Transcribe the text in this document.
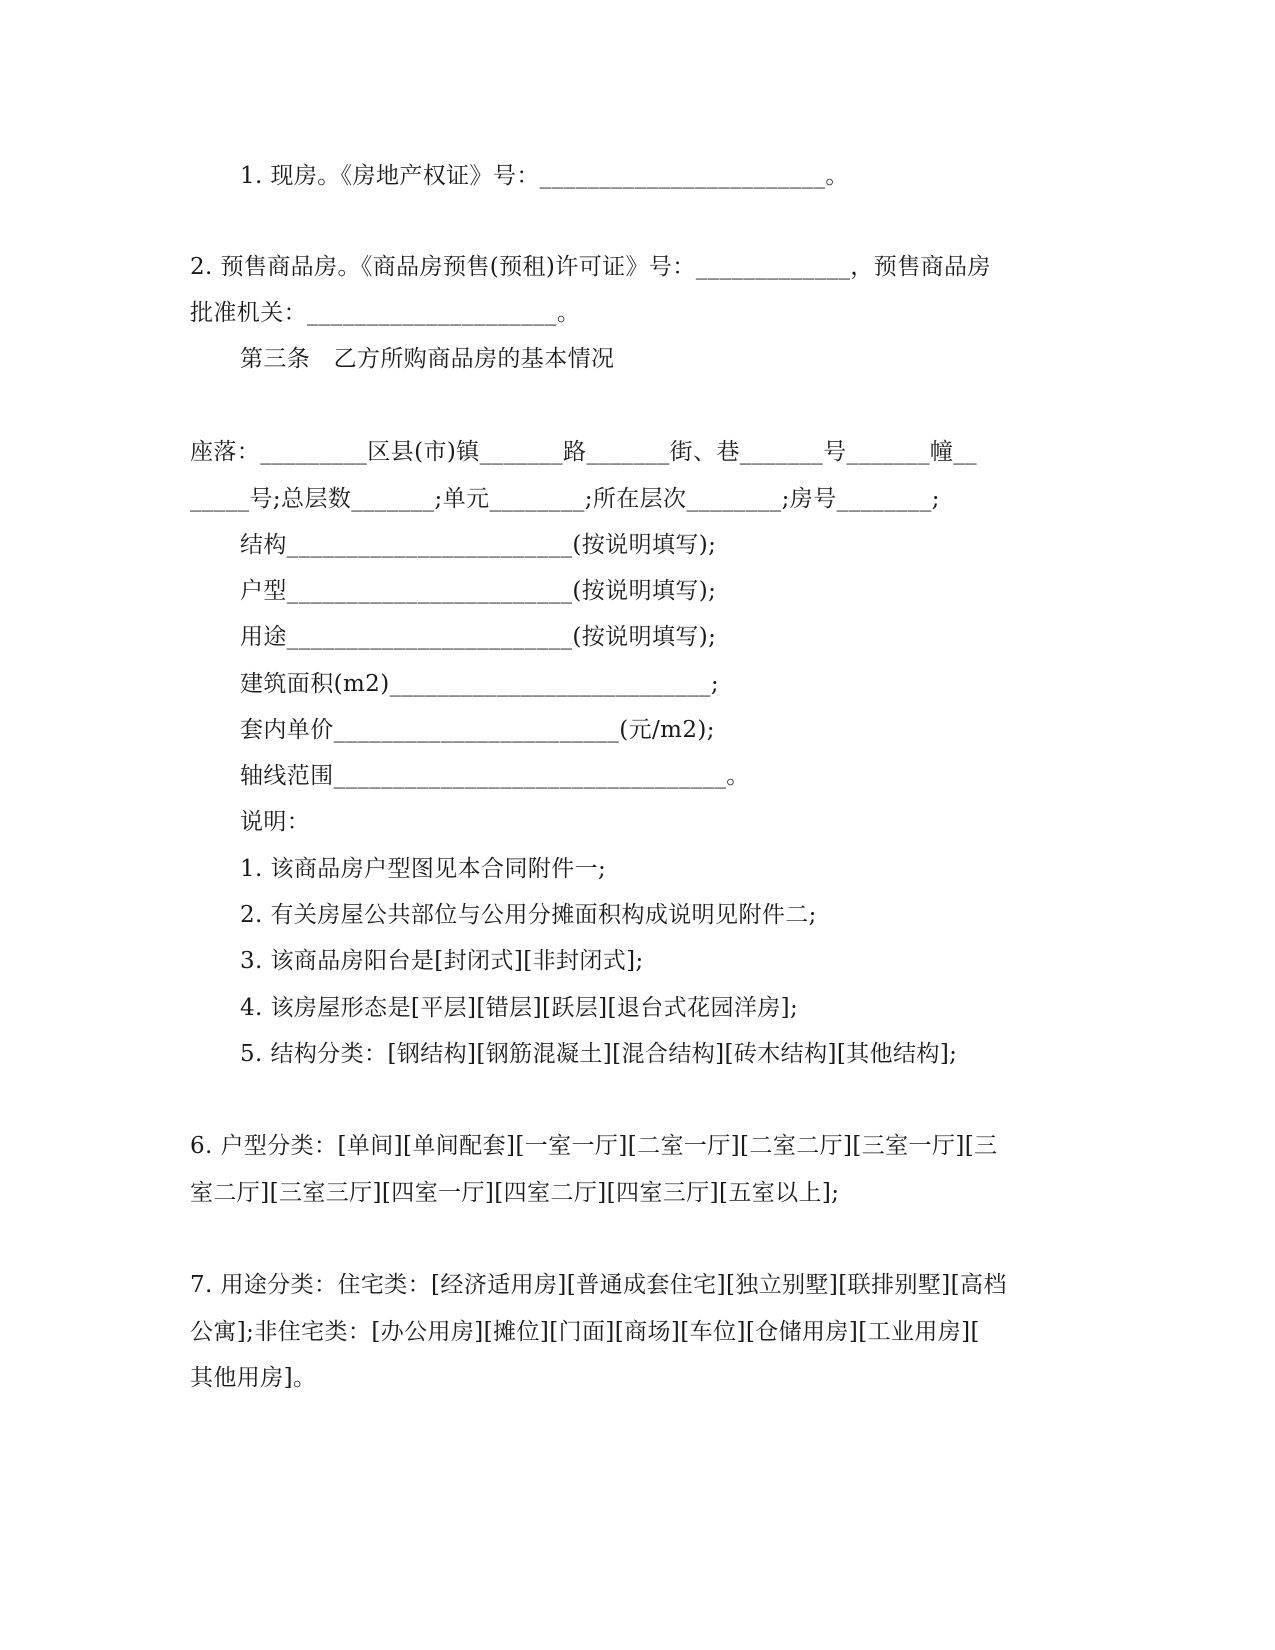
1. 现房。《房地产权证》号：________________________。
2. 预售商品房。《商品房预售(预租)许可证》号：_____________，预售商品房
批准机关：_____________________。
第三条　乙方所购商品房的基本情况
座落：_________区县(市)镇_______路_______街、巷_______号_______幢__
_____号;总层数_______;单元________;所在层次________;房号________;
结构________________________(按说明填写);
户型________________________(按说明填写);
用途________________________(按说明填写);
建筑面积(m2)___________________________;
套内单价________________________(元/m2);
轴线范围_________________________________。
说明：
1. 该商品房户型图见本合同附件一;
2. 有关房屋公共部位与公用分摊面积构成说明见附件二;
3. 该商品房阳台是[封闭式][非封闭式];
4. 该房屋形态是[平层][错层][跃层][退台式花园洋房];
5. 结构分类：[钢结构][钢筋混凝土][混合结构][砖木结构][其他结构];
6. 户型分类：[单间][单间配套][一室一厅][二室一厅][二室二厅][三室一厅][三
室二厅][三室三厅][四室一厅][四室二厅][四室三厅][五室以上];
7. 用途分类：住宅类：[经济适用房][普通成套住宅][独立别墅][联排别墅][高档
公寓];非住宅类：[办公用房][摊位][门面][商场][车位][仓储用房][工业用房][
其他用房]。
